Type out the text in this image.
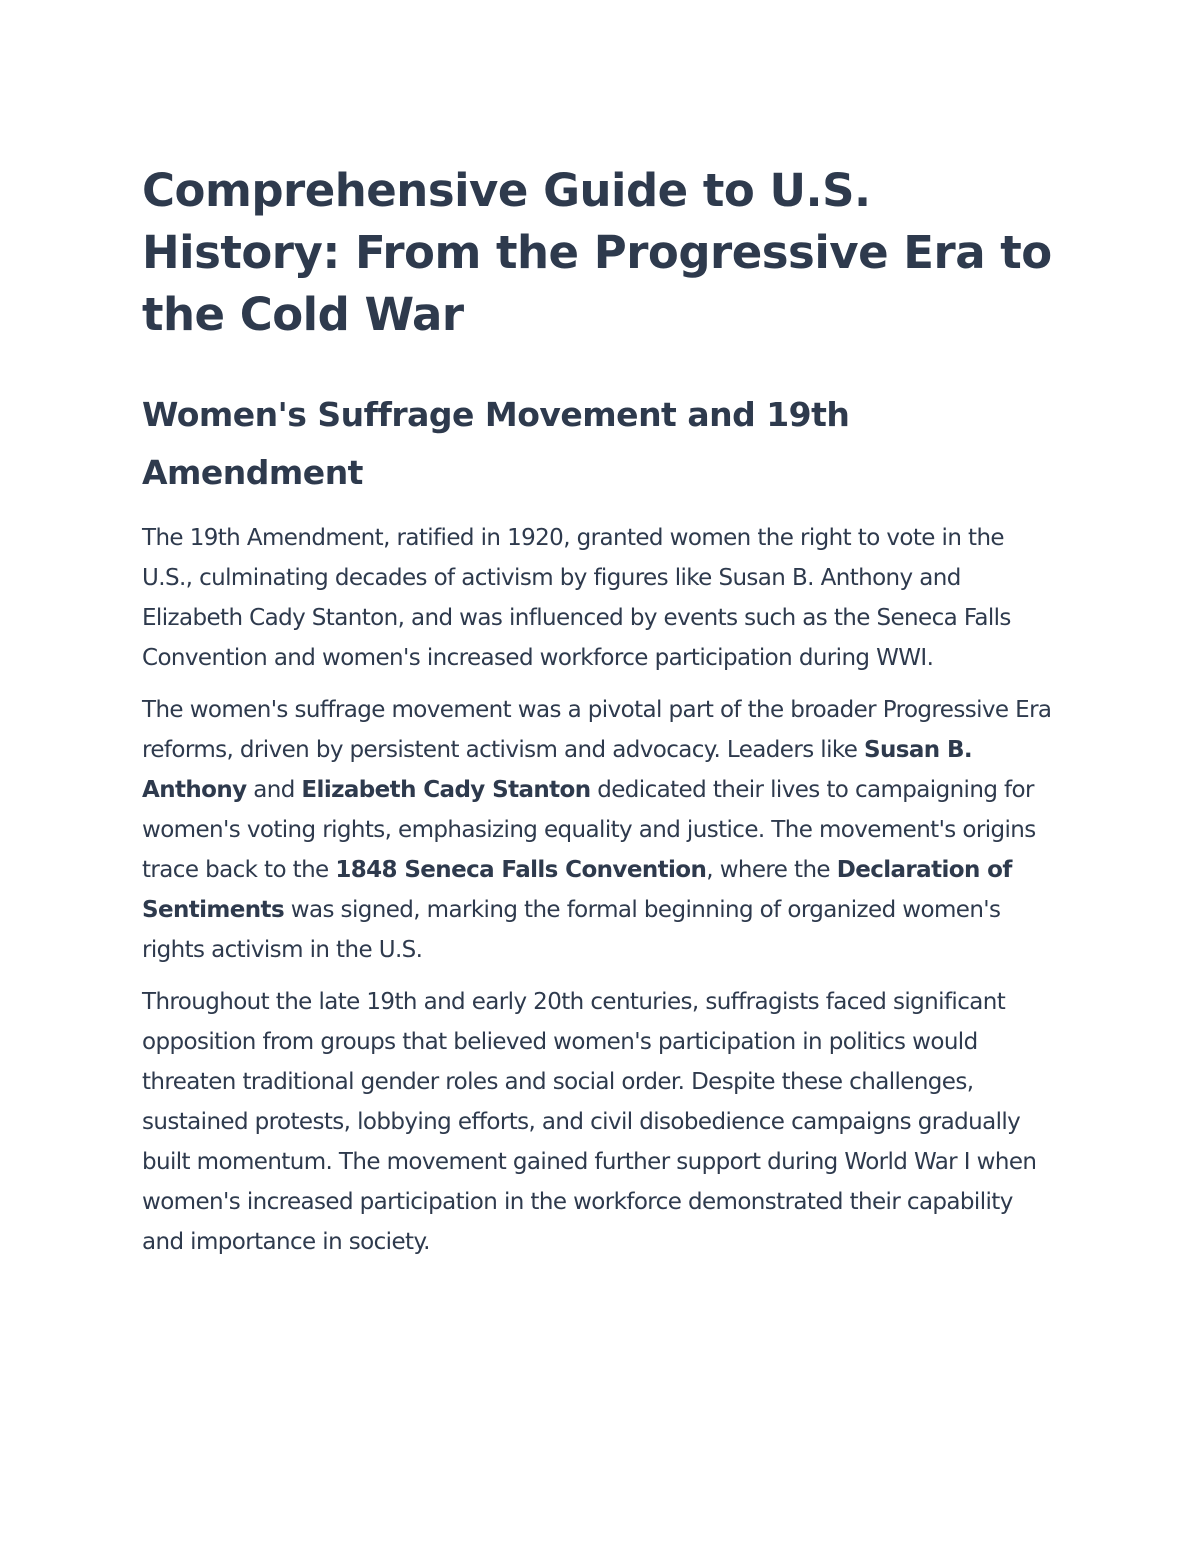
Comprehensive Guide to U.S. History: From the Progressive Era to the Cold War
Women's Suffrage Movement and 19th Amendment

The 19th Amendment, ratified in 1920, granted women the right to vote in the U.S., culminating decades of activism by figures like Susan B. Anthony and Elizabeth Cady Stanton, and was influenced by events such as the Seneca Falls Convention and women's increased workforce participation during WWI.

The women's suffrage movement was a pivotal part of the broader Progressive Era reforms, driven by persistent activism and advocacy. Leaders like Susan B. Anthony and Elizabeth Cady Stanton dedicated their lives to campaigning for women's voting rights, emphasizing equality and justice. The movement's origins trace back to the 1848 Seneca Falls Convention, where the Declaration of Sentiments was signed, marking the formal beginning of organized women's rights activism in the U.S.

Throughout the late 19th and early 20th centuries, suffragists faced significant opposition from groups that believed women's participation in politics would threaten traditional gender roles and social order. Despite these challenges, sustained protests, lobbying efforts, and civil disobedience campaigns gradually built momentum. The movement gained further support during World War I when women's increased participation in the workforce demonstrated their capability and importance in society.
